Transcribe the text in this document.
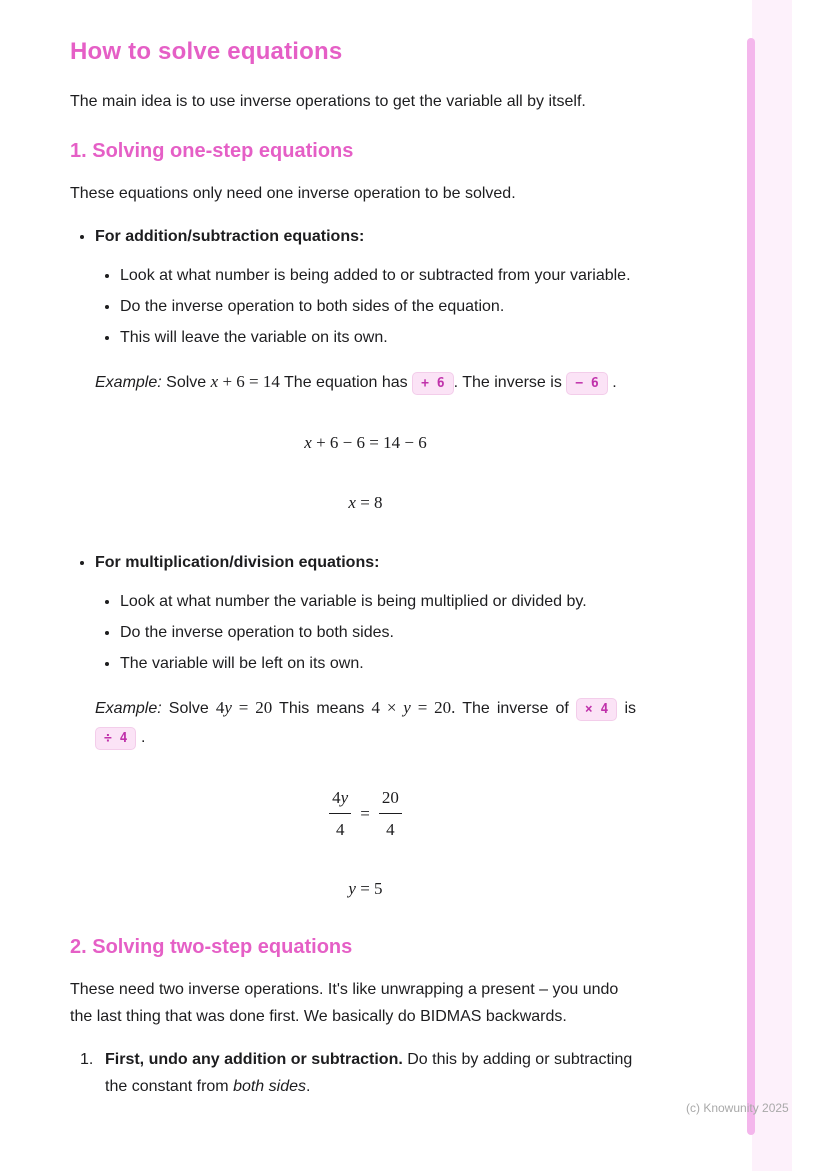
How to solve equations

The main idea is to use inverse operations to get the variable all by itself.

1. Solving one-step equations

These equations only need one inverse operation to be solved.

• For addition/subtraction equations:
• Look at what number is being added to or subtracted from your variable.
• Do the inverse operation to both sides of the equation.
• This will leave the variable on its own.

Example: Solve x + 6 = 14 The equation has + 6 . The inverse is − 6 .

x + 6 − 6 = 14 − 6
x = 8
• For multiplication/division equations:
• Look at what number the variable is being multiplied or divided by.
• Do the inverse operation to both sides.
• The variable will be left on its own.

Example: Solve 4y = 20 This means 4 × y = 20. The inverse of × 4 is ÷ 4 .

$\frac{4y}{4} = \frac{20}{4}$
y = 5
2. Solving two-step equations

These need two inverse operations. It's like unwrapping a present – you undo the last thing that was done first. We basically do BIDMAS backwards.

1. First, undo any addition or subtraction. Do this by adding or subtracting the constant from both sides.
(c) Knowunity 2025
